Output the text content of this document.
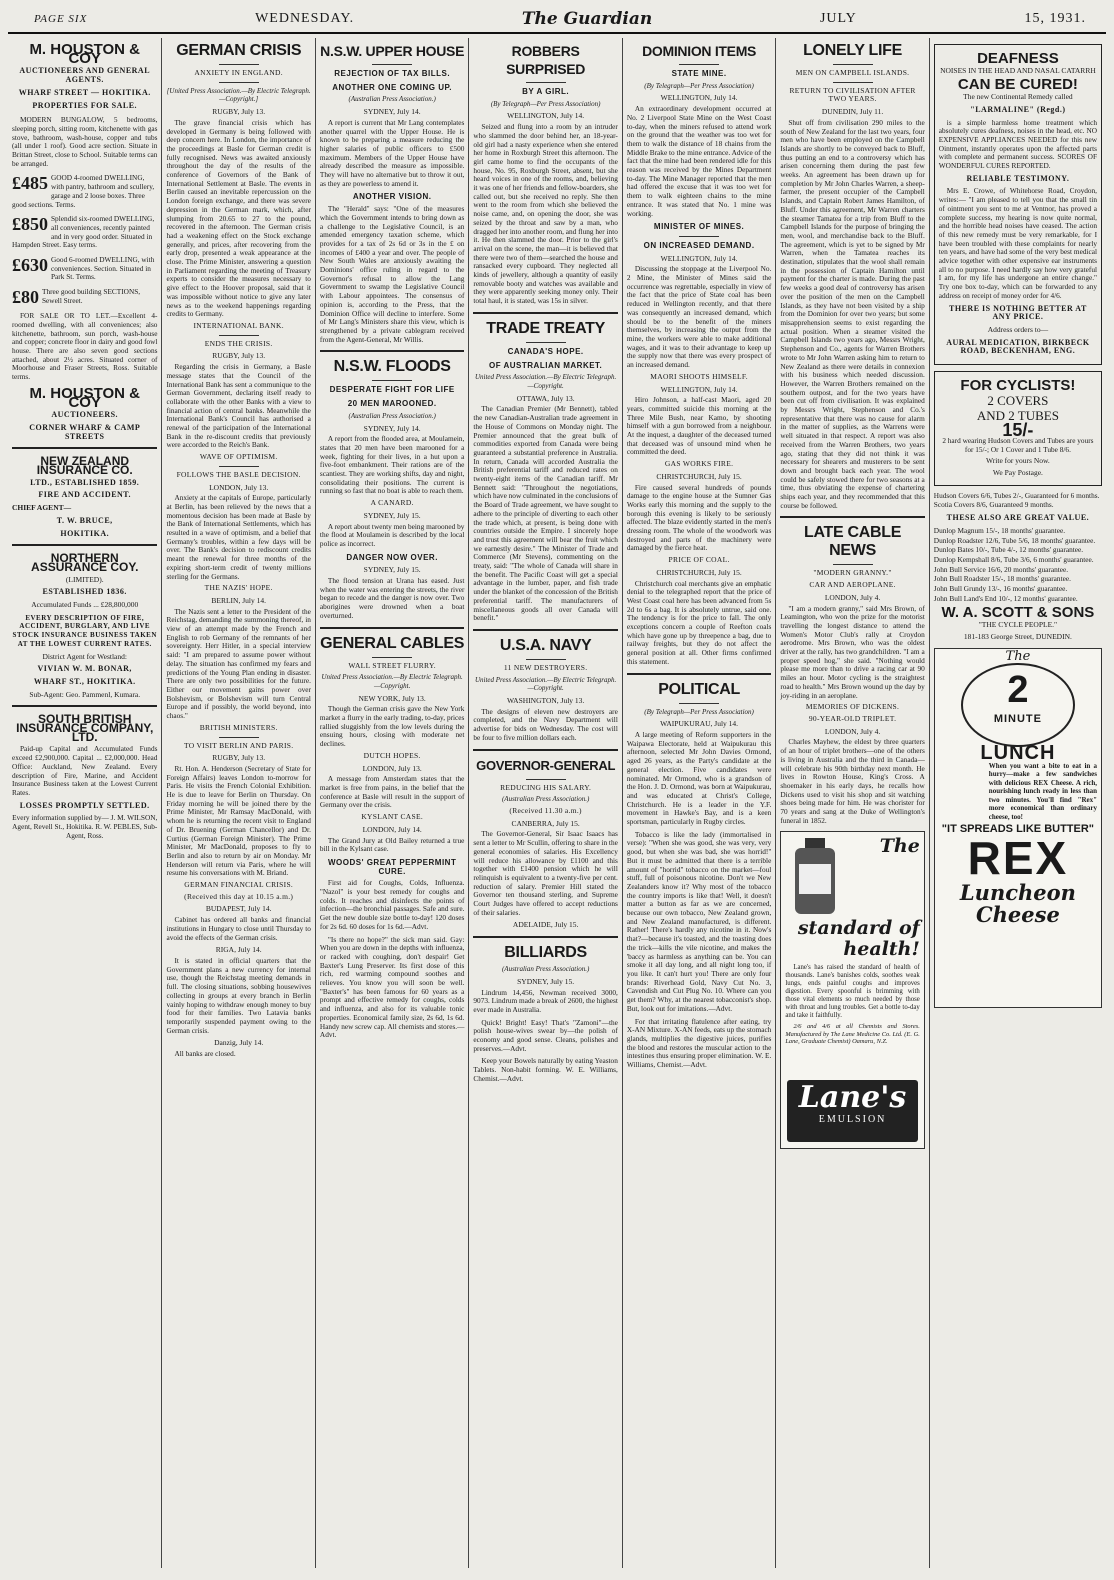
PAGE SIX	WEDNESDAY.	The Guardian	JULY	15, 1931.
M. HOUSTON & COY
AUCTIONEERS AND GENERAL AGENTS.
WHARF STREET — HOKITIKA.
PROPERTIES FOR SALE.

MODERN BUNGALOW, 5 bedrooms, sleeping porch, sitting room, kitchenette with gas stove, bathroom, wash-house, copper and tubs (all under 1 roof). Good acre section. Situate in Brittan Street, close to School. Suitable terms can be arranged.

£485 GOOD 4-roomed DWELLING, with pantry, bathroom and scullery, garage and 2 loose boxes. Three good sections. Terms.
£850 Splendid six-roomed DWELLING, all conveniences, recently painted and in very good order. Situated in Hampden Street. Easy terms.
£630 Good 6-roomed DWELLING, with conveniences. Section. Situated in Park St. Terms.
£80 Three good building SECTIONS, Sewell Street.

FOR SALE OR TO LET.—Excellent 4-roomed dwelling, with all conveniences; also kitchenette, bathroom, sun porch, wash-house and copper; concrete floor in dairy and good fowl house. There are also seven good sections attached, about 2½ acres. Situated corner of Moorhouse and Fraser Streets, Ross. Suitable terms.

M. HOUSTON & COY
AUCTIONEERS.
CORNER WHARF & CAMP STREETS
NEW ZEALAND INSURANCE CO.
LTD., ESTABLISHED 1859.
FIRE AND ACCIDENT.
CHIEF AGENT—
T. W. BRUCE,
HOKITIKA.
NORTHERN ASSURANCE COY.
(LIMITED).
ESTABLISHED 1836.
Accumulated Funds ... £28,800,000
EVERY DESCRIPTION OF FIRE, ACCIDENT, BURGLARY, AND LIVE STOCK INSURANCE BUSINESS TAKEN AT THE LOWEST CURRENT RATES.
District Agent for Westland:
VIVIAN W. M. BONAR,
WHARF ST., HOKITIKA.
Sub-Agent: Geo. Pammenl, Kumara.
SOUTH BRITISH INSURANCE COMPANY, LTD.

Paid-up Capital and Accumulated Funds exceed £2,900,000. Capital ... £2,000,000. Head Office: Auckland, New Zealand. Every description of Fire, Marine, and Accident Insurance Business taken at the Lowest Current Rates.

LOSSES PROMPTLY SETTLED.

Every information supplied by— J. M. WILSON, Agent, Revell St., Hokitika. R. W. PEBLES, Sub-Agent, Ross.

GERMAN CRISIS
ANXIETY IN ENGLAND.
[United Press Association.—By Electric Telegraph.—Copyright.]
RUGBY, July 13.

The grave financial crisis which has developed in Germany is being followed with deep concern here. In London, the importance of the proceedings at Basle for German credit is fully recognised. News was awaited anxiously throughout the day of the results of the conference of Governors of the Bank of International Settlement at Basle. The events in Berlin caused an inevitable repercussion on the London foreign exchange, and there was severe depression in the German mark, which, after slumping from 20.65 to 27 to the pound, recovered in the afternoon. The German crisis had a weakening effect on the Stock exchange generally, and prices, after recovering from the early drop, presented a weak appearance at the close. The Prime Minister, answering a question in Parliament regarding the meeting of Treasury experts to consider the measures necessary to give effect to the Hoover proposal, said that it was impossible without notice to give any later news as to the weekend happenings regarding credits to Germany.

INTERNATIONAL BANK.
ENDS THE CRISIS.
RUGBY, July 13.

Regarding the crisis in Germany, a Basle message states that the Council of the International Bank has sent a communique to the German Government, declaring itself ready to collaborate with the other Banks with a view to financial action of central banks. Meanwhile the International Bank's Council has authorised a renewal of the participation of the International Bank in the re-discount credits that previously were accorded to the Reich's Bank.

WAVE OF OPTIMISM.
FOLLOWS THE BASLE DECISION.
LONDON, July 13.

Anxiety at the capitals of Europe, particularly at Berlin, has been relieved by the news that a momentous decision has been made at Basle by the Bank of International Settlements, which has resulted in a wave of optimism, and a belief that Germany's troubles, within a few days will be over. The Bank's decision to rediscount credits meant the renewal for three months of the expiring short-term credit of twenty millions sterling for the Germans.

THE NAZIS' HOPE.
BERLIN, July 14.

The Nazis sent a letter to the President of the Reichstag, demanding the summoning thereof, in view of an attempt made by the French and English to rob Germany of the remnants of her sovereignty. Herr Hitler, in a special interview said: "I am prepared to assume power without delay. The situation has confirmed my fears and predictions of the Young Plan ending in disaster. There are only two possibilities for the future. Either our movement gains power over Bolshevism, or Bolshevism will turn Central Europe and if possibly, the world beyond, into chaos."

BRITISH MINISTERS.
TO VISIT BERLIN AND PARIS.
RUGBY, July 13.

Rt. Hon. A. Henderson (Secretary of State for Foreign Affairs) leaves London to-morrow for Paris. He visits the French Colonial Exhibition. He is due to leave for Berlin on Thursday. On Friday morning he will be joined there by the Prime Minister, Mr Ramsay MacDonald, with whom he is returning the recent visit to England of Dr. Bruening (German Chancellor) and Dr. Curtius (German Foreign Minister). The Prime Minister, Mr MacDonald, proposes to fly to Berlin and also to return by air on Monday. Mr Henderson will return via Paris, where he will resume his conversations with M. Briand.

GERMAN FINANCIAL CRISIS.
(Received this day at 10.15 a.m.)
BUDAPEST, July 14.

Cabinet has ordered all banks and financial institutions in Hungary to close until Thursday to avoid the effects of the German crisis.

RIGA, July 14.

It is stated in official quarters that the Government plans a new currency for internal use, though the Reichstag meeting demands in full. The closing situations, sobbing housewives collecting in groups at every branch in Berlin vainly hoping to withdraw enough money to buy food for their families. Two Latavia banks temporarily suspended payment owing to the German crisis.

Danzig, July 14.

All banks are closed.

N.S.W. UPPER HOUSE
REJECTION OF TAX BILLS.
ANOTHER ONE COMING UP.
(Australian Press Association.)
SYDNEY, July 14.

A report is current that Mr Lang contemplates another quarrel with the Upper House. He is known to be preparing a measure reducing the higher salaries of public officers to £500 maximum. Members of the Upper House have already described the measure as impossible. They will have no alternative but to throw it out, as they are powerless to amend it.

ANOTHER VISION.

The "Herald" says: "One of the measures which the Government intends to bring down as a challenge to the Legislative Council, is an amended emergency taxation scheme, which provides for a tax of 2s 6d or 3s in the £ on incomes of £400 a year and over. The people of New South Wales are anxiously awaiting the Dominions' office ruling in regard to the Governor's refusal to allow the Lang Government to swamp the Legislative Council with Labour appointees. The consensus of opinion is, according to the Press, that the Dominion Office will decline to interfere. Some of Mr Lang's Ministers share this view, which is strengthened by a private cablegram received from the Agent-General, Mr Willis.

N.S.W. FLOODS
DESPERATE FIGHT FOR LIFE
20 MEN MAROONED.
(Australian Press Association.)
SYDNEY, July 14.

A report from the flooded area, at Moulamein, states that 20 men have been marooned for a week, fighting for their lives, in a hut upon a five-foot embankment. Their rations are of the scantiest. They are working shifts, day and night, consolidating their positions. The current is running so fast that no boat is able to reach them.

A CANARD.
SYDNEY, July 15.

A report about twenty men being marooned by the flood at Moulamein is described by the local police as incorrect.

DANGER NOW OVER.
SYDNEY, July 15.

The flood tension at Urana has eased. Just when the water was entering the streets, the river began to recede and the danger is now over. Two aborigines were drowned when a boat overturned.

GENERAL CABLES
WALL STREET FLURRY.
United Press Association.—By Electric Telegraph.—Copyright.
NEW YORK, July 13.

Though the German crisis gave the New York market a flurry in the early trading, to-day, prices rallied sluggishly from the low levels during the ensuing hours, closing with moderate net declines.

DUTCH HOPES.
LONDON, July 13.

A message from Amsterdam states that the market is free from pains, in the belief that the conference at Basle will result in the support of Germany over the crisis.

KYSLANT CASE.
LONDON, July 14.

The Grand Jury at Old Bailey returned a true bill in the Kylsant case.

WOODS' GREAT PEPPERMINT CURE.

First aid for Coughs, Colds, Influenza. "Nazol" is your best remedy for coughs and colds. It reaches and disinfects the points of infection—the bronchial passages. Safe and sure. Get the new double size bottle to-day! 120 doses for 2s 6d. 60 doses for 1s 6d.—Advt.

"Is there no hope?" the sick man said. Gay: When you are down in the depths with influenza, or racked with coughing, don't despair! Get Baxter's Lung Preserver. Its first dose of this rich, red warming compound soothes and relieves. You know you will soon be well. "Baxter's" has been famous for 60 years as a prompt and effective remedy for coughs, colds and influenza, and also for its valuable tonic properties. Economical family size, 2s 6d, 1s 6d. Handy new screw cap. All chemists and stores.—Advt.

ROBBERS SURPRISED
BY A GIRL.
(By Telegraph—Per Press Association)
WELLINGTON, July 14.

Seized and flung into a room by an intruder who slammed the door behind her, an 18-year-old girl had a nasty experience when she entered her home in Roxburgh Street this afternoon. The girl came home to find the occupants of the house, No. 95, Roxburgh Street, absent, but she heard voices in one of the rooms, and, believing it was one of her friends and fellow-boarders, she called out, but she received no reply. She then went to the room from which she believed the noise came, and, on opening the door, she was seized by the throat and saw by a man, who dragged her into another room, and flung her into it. He then slammed the door. Prior to the girl's arrival on the scene, the man—it is believed that there were two of them—searched the house and ransacked every cupboard. They neglected all kinds of jewellery, although a quantity of easily removable booty and watches was available and they were apparently seeking money only. Their total haul, it is stated, was 15s in silver.

TRADE TREATY
CANADA'S HOPE.
OF AUSTRALIAN MARKET.
United Press Association.—By Electric Telegraph.—Copyright.
OTTAWA, July 13.

The Canadian Premier (Mr Bennett), tabled the new Canadian-Australian trade agreement in the House of Commons on Monday night. The Premier announced that the great bulk of commodities exported from Canada were being guaranteed a substantial preference in Australia. In return, Canada will accorded Australia the British preferential tariff and reduced rates on twenty-eight items of the Canadian tariff. Mr Bennett said: "Throughout the negotiations, which have now culminated in the conclusions of the Board of Trade agreement, we have sought to adhere to the principle of diverting to each other the trade which, at present, is being done with countries outside the Empire. I sincerely hope and trust this agreement will bear the fruit which we earnestly desire." The Minister of Trade and Commerce (Mr Stevens), commenting on the treaty, said: "The whole of Canada will share in the benefit. The Pacific Coast will get a special advantage in the lumber, paper, and fish trade under the blanket of the concession of the British preferential tariff. The manufacturers of miscellaneous goods all over Canada will benefit."

U.S.A. NAVY
11 NEW DESTROYERS.
United Press Association.—By Electric Telegraph.—Copyright.
WASHINGTON, July 13.

The designs of eleven new destroyers are completed, and the Navy Department will advertise for bids on Wednesday. The cost will be four to five million dollars each.

GOVERNOR-GENERAL
REDUCING HIS SALARY.
(Australian Press Association.)
(Received 11.30 a.m.)
CANBERRA, July 15.

The Governor-General, Sir Isaac Isaacs has sent a letter to Mr Scullin, offering to share in the general economies of salaries. His Excellency will reduce his allowance by £1100 and this together with £1400 pension which he will relinquish is equivalent to a twenty-five per cent. reduction of salary. Premier Hill stated the Governor ten thousand sterling, and Supreme Court Judges have offered to accept reductions of their salaries.

ADELAIDE, July 15.
BILLIARDS
(Australian Press Association.)
SYDNEY, July 15.

Lindrum 14,456, Newman received 3000, 9073. Lindrum made a break of 2600, the highest ever made in Australia.

Quick! Bright! Easy! That's "Zamoni"—the polish house-wives swear by—the polish of economy and good sense. Cleans, polishes and preserves.—Advt.

Keep your Bowels naturally by eating Yeaston Tablets. Non-habit forming. W. E. Williams, Chemist.—Advt.

DOMINION ITEMS
STATE MINE.
(By Telegraph—Per Press Association)
WELLINGTON, July 14.

An extraordinary development occurred at No. 2 Liverpool State Mine on the West Coast to-day, when the miners refused to attend work on the ground that the weather was too wet for them to walk the distance of 18 chains from the Middle Brake to the mine entrance. Advice of the fact that the mine had been rendered idle for this reason was received by the Mines Department to-day. The Mine Manager reported that the men had offered the excuse that it was too wet for them to walk eighteen chains to the mine entrance. It was stated that No. 1 mine was working.

MINISTER OF MINES.
ON INCREASED DEMAND.
WELLINGTON, July 14.

Discussing the stoppage at the Liverpool No. 2 Mine, the Minister of Mines said the occurrence was regrettable, especially in view of the fact that the price of State coal has been reduced in Wellington recently, and that there was consequently an increased demand, which should be to the benefit of the miners themselves, by increasing the output from the mine, the workers were able to make additional wages, and it was to their advantage to keep up the supply now that there was every prospect of an increased demand.

MAORI SHOOTS HIMSELF.
WELLINGTON, July 14.

Hiro Johnson, a half-cast Maori, aged 20 years, committed suicide this morning at the Three Mile Bush, near Kamo, by shooting himself with a gun borrowed from a neighbour. At the inquest, a daughter of the deceased turned that deceased was of unsound mind when he committed the deed.

GAS WORKS FIRE.
CHRISTCHURCH, July 15.

Fire caused several hundreds of pounds damage to the engine house at the Sumner Gas Works early this morning and the supply to the borough this evening is likely to be seriously affected. The blaze evidently started in the men's dressing room. The whole of the woodwork was destroyed and parts of the machinery were damaged by the fierce heat.

PRICE OF COAL.
CHRISTCHURCH, July 15.

Christchurch coal merchants give an emphatic denial to the telegraphed report that the price of West Coast coal here has been advanced from 5s 2d to 6s a bag. It is absolutely untrue, said one. The tendency is for the price to fall. The only exceptions concern a couple of Reefton coals which have gone up by threepence a bag, due to railway freights, but they do not affect the general position at all. Other firms confirmed this statement.

POLITICAL
(By Telegraph—Per Press Association)
WAIPUKURAU, July 14.

A large meeting of Reform supporters in the Waipawa Electorate, held at Waipukurau this afternoon, selected Mr John Davies Ormond, aged 26 years, as the Party's candidate at the general election. Five candidates were nominated. Mr Ormond, who is a grandson of the Hon. J. D. Ormond, was born at Waipukurau, and was educated at Christ's College, Christchurch. He is a leader in the Y.F. movement in Hawke's Bay, and is a keen sportsman, particularly in Rugby circles.

Tobacco is like the lady (immortalised in verse): "When she was good, she was very, very good, but when she was bad, she was horrid!" But it must be admitted that there is a terrible amount of "horrid" tobacco on the market—foul stuff, full of poisonous nicotine. Don't we New Zealanders know it? Why most of the tobacco the country imports is like that! Well, it doesn't matter a button as far as we are concerned, because our own tobacco, New Zealand grown, and New Zealand manufactured, is different. Rather! There's hardly any nicotine in it. Now's that?—because it's toasted, and the toasting does the trick—kills the vile nicotine, and makes the 'baccy as harmless as anything can be. You can smoke it all day long, and all night long too, if you like. It can't hurt you! There are only four brands: Riverhead Gold, Navy Cut No. 3, Cavendish and Cut Plug No. 10. Where can you get them? Why, at the nearest tobacconist's shop. But, look out for imitations.—Advt.

For that irritating flatulence after eating, try X-AN Mixture. X-AN feeds, eats up the stomach glands, multiplies the digestive juices, purifies the blood and restores the muscular action to the intestines thus ensuring proper elimination. W. E. Williams, Chemist.—Advt.

LONELY LIFE
MEN ON CAMPBELL ISLANDS.
RETURN TO CIVILISATION AFTER TWO YEARS.
DUNEDIN, July 11.

Shut off from civilisation 290 miles to the south of New Zealand for the last two years, four men who have been employed on the Campbell Islands are shortly to be conveyed back to Bluff, thus putting an end to a controversy which has arisen concerning them during the past few weeks. An agreement has been drawn up for completion by Mr John Charles Warren, a sheep-farmer, the present occupier of the Campbell Islands, and Captain Robert James Hamilton, of Bluff. Under this agreement, Mr Warren charters the steamer Tamatea for a trip from Bluff to the Campbell Islands for the purpose of bringing the men, wool, and merchandise back to the Bluff. The agreement, which is yet to be signed by Mr Warren, when the Tamatea reaches its destination, stipulates that the wool shall remain in the possession of Captain Hamilton until payment for the charter is made. During the past few weeks a good deal of controversy has arisen over the position of the men on the Campbell Islands, as they have not been visited by a ship from the Dominion for over two years; but some misapprehension seems to exist regarding the actual position. When a steamer visited the Campbell Islands two years ago, Messrs Wright, Stephenson and Co., agents for Warren Brothers wrote to Mr John Warren asking him to return to New Zealand as there were details in connexion with his business which needed discussion. However, the Warren Brothers remained on the southern outpost, and for the two years have been cut off from civilisation. It was explained by Messrs Wright, Stephenson and Co.'s representative that there was no cause for alarm in the matter of supplies, as the Warrens were well situated in that respect. A report was also received from the Warren Brothers, two years ago, stating that they did not think it was necessary for shearers and musterers to be sent down and brought back each year. The wool could be safely stowed there for two seasons at a time, thus obviating the expense of chartering ships each year, and they recommended that this course be followed.

LATE CABLE NEWS
"MODERN GRANNY."
CAR AND AEROPLANE.
LONDON, July 4.

"I am a modern granny," said Mrs Brown, of Leamington, who won the prize for the motorist travelling the longest distance to attend the Women's Motor Club's rally at Croydon aerodrome. Mrs Brown, who was the oldest driver at the rally, has two grandchildren. "I am a proper speed hog," she said. "Nothing would please me more than to drive a racing car at 90 miles an hour. Motor cycling is the straightest road to health." Mrs Brown wound up the day by joy-riding in an aeroplane.

MEMORIES OF DICKENS.
90-YEAR-OLD TRIPLET.
LONDON, July 4.

Charles Mayhew, the eldest by three quarters of an hour of triplet brothers—one of the others is living in Australia and the third in Canada—will celebrate his 90th birthday next month. He lives in Rowton House, King's Cross. A shoemaker in his early days, he recalls how Dickens used to visit his shop and sit watching shoes being made for him. He was chorister for 70 years and sang at the Duke of Wellington's funeral in 1852.

The standard of health!

Lane's has raised the standard of health of thousands. Lane's banishes colds, soothes weak lungs, ends painful coughs and improves digestion. Every spoonful is brimming with those vital elements so much needed by those with throat and lung troubles. Get a bottle to-day and take it faithfully.

2/6 and 4/6 at all Chemists and Stores. Manufactured by The Lane Medicine Co. Ltd. (E. G. Lane, Graduate Chemist) Oamaru, N.Z.

Lane's
EMULSION
DEAFNESS
NOISES IN THE HEAD AND NASAL CATARRH
CAN BE CURED!
The new Continental Remedy called
"LARMALINE" (Regd.)

is a simple harmless home treatment which absolutely cures deafness, noises in the head, etc. NO EXPENSIVE APPLIANCES NEEDED for this new Ointment, instantly operates upon the affected parts with complete and permanent success. SCORES OF WONDERFUL CURES REPORTED.

RELIABLE TESTIMONY.

Mrs E. Crowe, of Whitehorse Road, Croydon, writes:— "I am pleased to tell you that the small tin of ointment you sent to me at Ventnor, has proved a complete success, my hearing is now quite normal, and the horrible head noises have ceased. The action of this new remedy must be very remarkable, for I have been troubled with these complaints for nearly ten years, and have had some of the very best medical advice together with other expensive ear instruments all to no purpose. I need hardly say how very grateful I am, for my life has undergone an entire change." Try one box to-day, which can be forwarded to any address on receipt of money order for 4/6.

THERE IS NOTHING BETTER AT ANY PRICE.
Address orders to—
AURAL MEDICATION, BIRKBECK ROAD, BECKENHAM, ENG.
FOR CYCLISTS!
2 COVERS
AND 2 TUBES
15/-

2 hard wearing Hudson Covers and Tubes are yours for 15/-; Or 1 Cover and 1 Tube 8/6.

Write for yours Now.
We Pay Postage.
Hudson Covers 6/6, Tubes 2/-, Guaranteed for 6 months.
Scotia Covers 8/6, Guaranteed 9 months.
THESE ALSO ARE GREAT VALUE.
Dunlop Magnum 15/-, 18 months' guarantee.
Dunlop Roadster 12/6, Tube 5/6, 18 months' guarantee.
Dunlop Bates 10/-, Tube 4/-, 12 months' guarantee.
Dunlop Kempshall 8/6, Tube 3/6, 6 months' guarantee.
John Bull Service 16/6, 20 months' guarantee.
John Bull Roadster 15/-, 18 months' guarantee.
John Bull Grundy 13/-, 16 months' guarantee.
John Bull Land's End 10/-, 12 months' guarantee.
W. A. SCOTT & SONS
"THE CYCLE PEOPLE."
181-183 George Street, DUNEDIN.
The
2
MINUTE
LUNCH

When you want a bite to eat in a hurry—make a few sandwiches with delicious REX Cheese. A rich, nourishing lunch ready in less than two minutes. You'll find "Rex" more economical than ordinary cheese, too!

"IT SPREADS LIKE BUTTER"
REX
Luncheon Cheese
